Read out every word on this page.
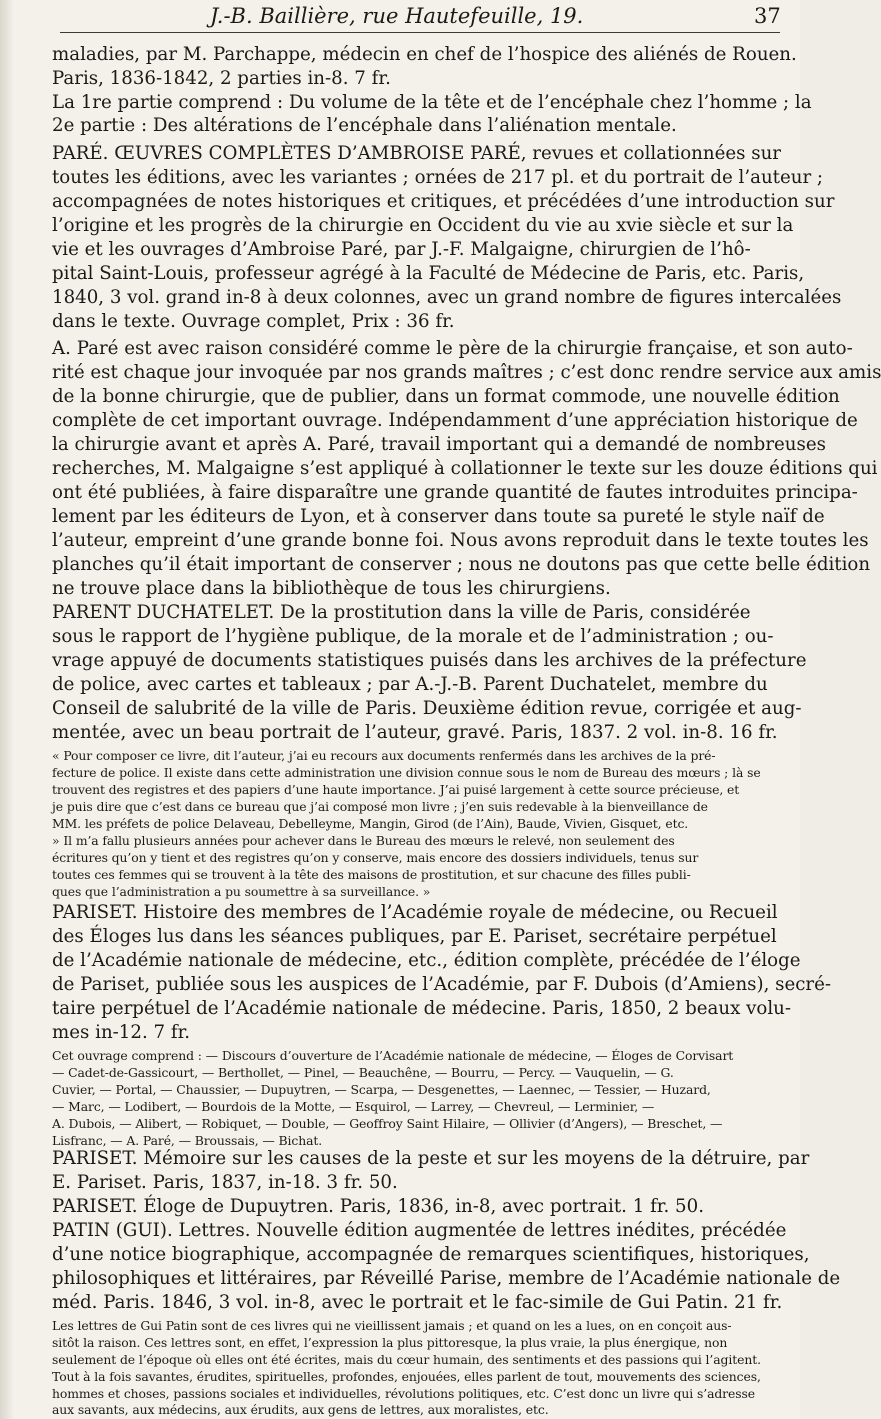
J.-B. Baillière, rue Hautefeuille, 19.	37
maladies, par M. Parchappe, médecin en chef de l’hospice des aliénés de Rouen.
Paris, 1836-1842, 2 parties in-8. 7 fr.
La 1re partie comprend : Du volume de la tête et de l’encéphale chez l’homme ; la
2e partie : Des altérations de l’encéphale dans l’aliénation mentale.
PARÉ. ŒUVRES COMPLÈTES D’AMBROISE PARÉ, revues et collationnées sur
toutes les éditions, avec les variantes ; ornées de 217 pl. et du portrait de l’auteur ;
accompagnées de notes historiques et critiques, et précédées d’une introduction sur
l’origine et les progrès de la chirurgie en Occident du vie au xvie siècle et sur la
vie et les ouvrages d’Ambroise Paré, par J.-F. Malgaigne, chirurgien de l’hô-
pital Saint-Louis, professeur agrégé à la Faculté de Médecine de Paris, etc. Paris,
1840, 3 vol. grand in-8 à deux colonnes, avec un grand nombre de figures intercalées
dans le texte. Ouvrage complet, Prix : 36 fr.
A. Paré est avec raison considéré comme le père de la chirurgie française, et son auto-
rité est chaque jour invoquée par nos grands maîtres ; c’est donc rendre service aux amis
de la bonne chirurgie, que de publier, dans un format commode, une nouvelle édition
complète de cet important ouvrage. Indépendamment d’une appréciation historique de
la chirurgie avant et après A. Paré, travail important qui a demandé de nombreuses
recherches, M. Malgaigne s’est appliqué à collationner le texte sur les douze éditions qui
ont été publiées, à faire disparaître une grande quantité de fautes introduites principa-
lement par les éditeurs de Lyon, et à conserver dans toute sa pureté le style naïf de
l’auteur, empreint d’une grande bonne foi. Nous avons reproduit dans le texte toutes les
planches qu’il était important de conserver ; nous ne doutons pas que cette belle édition
ne trouve place dans la bibliothèque de tous les chirurgiens.
PARENT DUCHATELET. De la prostitution dans la ville de Paris, considérée
sous le rapport de l’hygiène publique, de la morale et de l’administration ; ou-
vrage appuyé de documents statistiques puisés dans les archives de la préfecture
de police, avec cartes et tableaux ; par A.-J.-B. Parent Duchatelet, membre du
Conseil de salubrité de la ville de Paris. Deuxième édition revue, corrigée et aug-
mentée, avec un beau portrait de l’auteur, gravé. Paris, 1837. 2 vol. in-8. 16 fr.
« Pour composer ce livre, dit l’auteur, j’ai eu recours aux documents renfermés dans les archives de la pré-
fecture de police. Il existe dans cette administration une division connue sous le nom de Bureau des mœurs ; là se
trouvent des registres et des papiers d’une haute importance. J’ai puisé largement à cette source précieuse, et
je puis dire que c’est dans ce bureau que j’ai composé mon livre ; j’en suis redevable à la bienveillance de
MM. les préfets de police Delaveau, Debelleyme, Mangin, Girod (de l’Ain), Baude, Vivien, Gisquet, etc.
» Il m’a fallu plusieurs années pour achever dans le Bureau des mœurs le relevé, non seulement des
écritures qu’on y tient et des registres qu’on y conserve, mais encore des dossiers individuels, tenus sur
toutes ces femmes qui se trouvent à la tête des maisons de prostitution, et sur chacune des filles publi-
ques que l’administration a pu soumettre à sa surveillance. »
PARISET. Histoire des membres de l’Académie royale de médecine, ou Recueil
des Éloges lus dans les séances publiques, par E. Pariset, secrétaire perpétuel
de l’Académie nationale de médecine, etc., édition complète, précédée de l’éloge
de Pariset, publiée sous les auspices de l’Académie, par F. Dubois (d’Amiens), secré-
taire perpétuel de l’Académie nationale de médecine. Paris, 1850, 2 beaux volu-
mes in-12. 7 fr.
Cet ouvrage comprend : — Discours d’ouverture de l’Académie nationale de médecine, — Éloges de Corvisart
— Cadet-de-Gassicourt, — Berthollet, — Pinel, — Beauchêne, — Bourru, — Percy. — Vauquelin, — G.
Cuvier, — Portal, — Chaussier, — Dupuytren, — Scarpa, — Desgenettes, — Laennec, — Tessier, — Huzard,
— Marc, — Lodibert, — Bourdois de la Motte, — Esquirol, — Larrey, — Chevreul, — Lerminier, —
A. Dubois, — Alibert, — Robiquet, — Double, — Geoffroy Saint Hilaire, — Ollivier (d’Angers), — Breschet, —
Lisfranc, — A. Paré, — Broussais, — Bichat.
PARISET. Mémoire sur les causes de la peste et sur les moyens de la détruire, par
E. Pariset. Paris, 1837, in-18. 3 fr. 50.
PARISET. Éloge de Dupuytren. Paris, 1836, in-8, avec portrait. 1 fr. 50.
PATIN (GUI). Lettres. Nouvelle édition augmentée de lettres inédites, précédée
d’une notice biographique, accompagnée de remarques scientifiques, historiques,
philosophiques et littéraires, par Réveillé Parise, membre de l’Académie nationale de
méd. Paris. 1846, 3 vol. in-8, avec le portrait et le fac-simile de Gui Patin. 21 fr.
Les lettres de Gui Patin sont de ces livres qui ne vieillissent jamais ; et quand on les a lues, on en conçoit aus-
sitôt la raison. Ces lettres sont, en effet, l’expression la plus pittoresque, la plus vraie, la plus énergique, non
seulement de l’époque où elles ont été écrites, mais du cœur humain, des sentiments et des passions qui l’agitent.
Tout à la fois savantes, érudites, spirituelles, profondes, enjouées, elles parlent de tout, mouvements des sciences,
hommes et choses, passions sociales et individuelles, révolutions politiques, etc. C’est donc un livre qui s’adresse
aux savants, aux médecins, aux érudits, aux gens de lettres, aux moralistes, etc.
